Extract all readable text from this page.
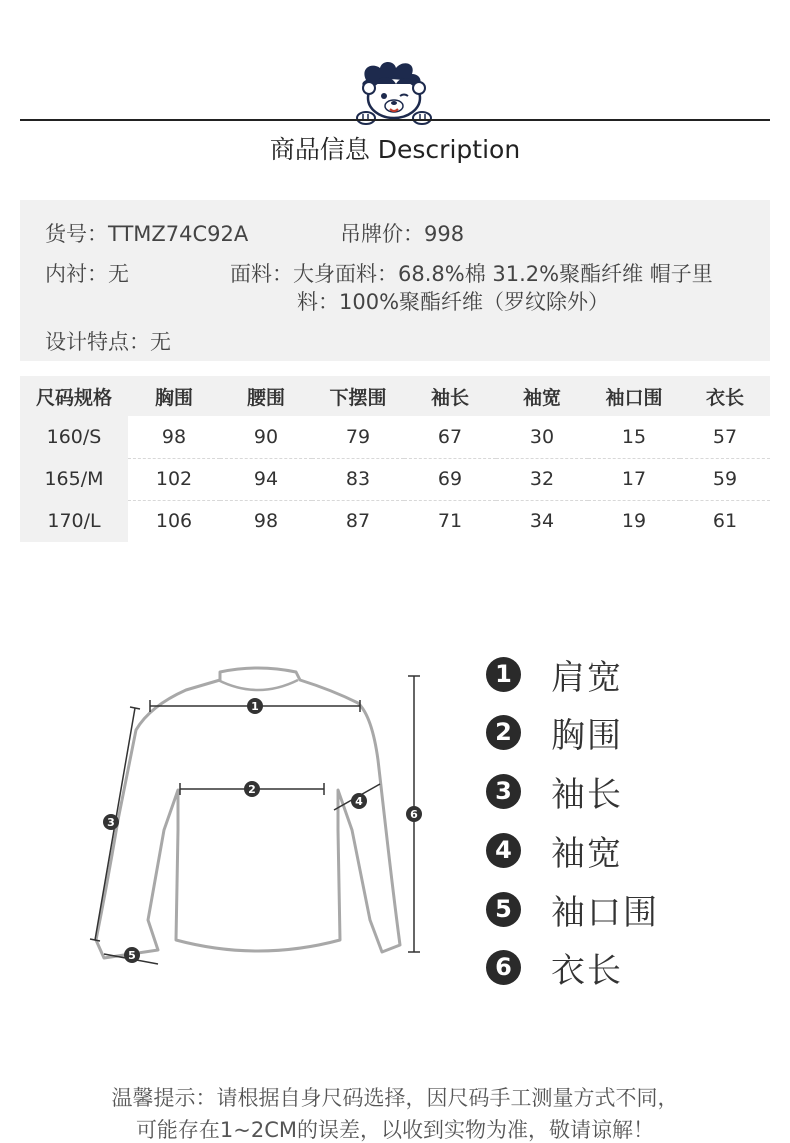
商品信息 Description
货号：TTMZ74C92A	吊牌价：998
内衬：无	面料：大身面料：68.8%棉 31.2%聚酯纤维 帽子里
料：100%聚酯纤维（罗纹除外）
设计特点：无
尺码规格	胸围	腰围	下摆围	袖长	袖宽	袖口围	衣长
160/S	98	90	79	67	30	15	57
165/M	102	94	83	69	32	17	59
170/L	106	98	87	71	34	19	61
1
2
3
4
5
6
1 肩宽
2 胸围
3 袖长
4 袖宽
5 袖口围
6 衣长
温馨提示：请根据自身尺码选择，因尺码手工测量方式不同，
可能存在1~2CM的误差，以收到实物为准，敬请谅解！
